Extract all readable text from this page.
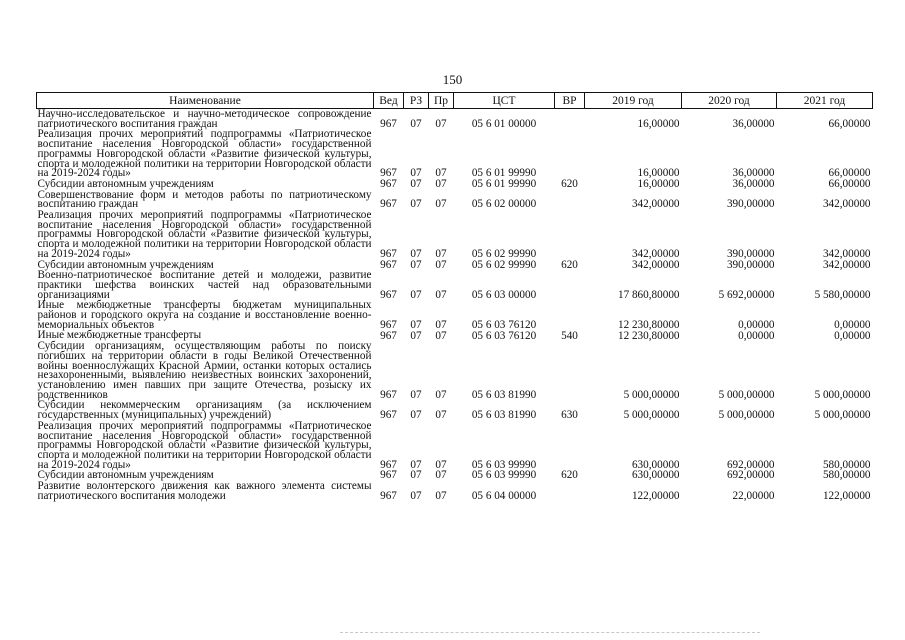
150
Наименование	Вед	РЗ	Пр	ЦСТ	ВР	2019 год	2020 год	2021 год
Научно-исследовательское и научно-методическое сопровождение патриотического воспитания граждан	967	07	07	05 6 01 00000		16,00000	36,00000	66,00000
Реализация прочих мероприятий подпрограммы «Патриотическое воспитание населения Новгородской области» государственной программы Новгородской области «Развитие физической культуры, спорта и молодежной политики на территории Новгородской области на 2019-2024 годы»	967	07	07	05 6 01 99990		16,00000	36,00000	66,00000
Субсидии автономным учреждениям	967	07	07	05 6 01 99990	620	16,00000	36,00000	66,00000
Совершенствование форм и методов работы по патриотическому воспитанию граждан	967	07	07	05 6 02 00000		342,00000	390,00000	342,00000
Реализация прочих мероприятий подпрограммы «Патриотическое воспитание населения Новгородской области» государственной программы Новгородской области «Развитие физической культуры, спорта и молодежной политики на территории Новгородской области на 2019-2024 годы»	967	07	07	05 6 02 99990		342,00000	390,00000	342,00000
Субсидии автономным учреждениям	967	07	07	05 6 02 99990	620	342,00000	390,00000	342,00000
Военно-патриотическое воспитание детей и молодежи, развитие практики шефства воинских частей над образовательными организациями	967	07	07	05 6 03 00000		17 860,80000	5 692,00000	5 580,00000
Иные межбюджетные трансферты бюджетам муниципальных районов и городского округа на создание и восстановление военно-мемориальных объектов	967	07	07	05 6 03 76120		12 230,80000	0,00000	0,00000
Иные межбюджетные трансферты	967	07	07	05 6 03 76120	540	12 230,80000	0,00000	0,00000
Субсидии организациям, осуществляющим работы по поиску погибших на территории области в годы Великой Отечественной войны военнослужащих Красной Армии, останки которых остались незахороненными, выявлению неизвестных воинских захоронений, установлению имен павших при защите Отечества, розыску их родственников	967	07	07	05 6 03 81990		5 000,00000	5 000,00000	5 000,00000
Субсидии некоммерческим организациям (за исключением государственных (муниципальных) учреждений)	967	07	07	05 6 03 81990	630	5 000,00000	5 000,00000	5 000,00000
Реализация прочих мероприятий подпрограммы «Патриотическое воспитание населения Новгородской области» государственной программы Новгородской области «Развитие физической культуры, спорта и молодежной политики на территории Новгородской области на 2019-2024 годы»	967	07	07	05 6 03 99990		630,00000	692,00000	580,00000
Субсидии автономным учреждениям	967	07	07	05 6 03 99990	620	630,00000	692,00000	580,00000
Развитие волонтерского движения как важного элемента системы патриотического воспитания молодежи	967	07	07	05 6 04 00000		122,00000	22,00000	122,00000
